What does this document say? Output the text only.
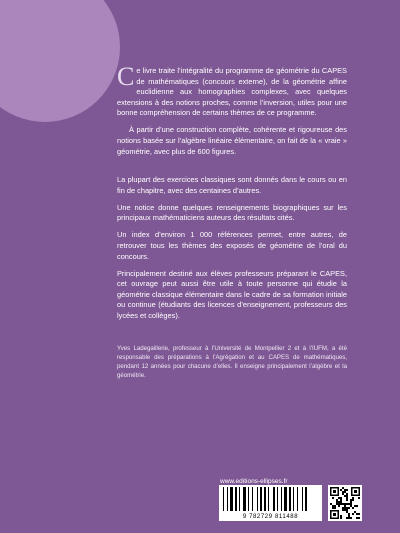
Ce livre traite l’intégralité du programme de géométrie du CAPES de mathématiques (concours externe), de la géométrie affine euclidienne aux homographies complexes, avec quelques extensions à des notions proches, comme l’inversion, utiles pour une bonne compréhension de certains thèmes de ce programme.

À partir d’une construction complète, cohérente et rigoureuse des notions basée sur l’algèbre linéaire élémentaire, on fait de la « vraie » géométrie, avec plus de 600 figures.

La plupart des exercices classiques sont donnés dans le cours ou en fin de chapitre, avec des centaines d’autres.

Une notice donne quelques renseignements biographiques sur les principaux mathématiciens auteurs des résultats cités.

Un index d’environ 1 000 références permet, entre autres, de retrouver tous les thèmes des exposés de géométrie de l’oral du concours.

Principalement destiné aux élèves professeurs préparant le CAPES, cet ouvrage peut aussi être utile à toute personne qui étudie la géométrie classique élémentaire dans le cadre de sa formation initiale ou continue (étudiants des licences d’enseignement, professeurs des lycées et collèges).

Yves Ladegaillerie, professeur à l’Université de Montpellier 2 et à l’IUFM, a été responsable des préparations à l’Agrégation et au CAPES de mathématiques, pendant 12 années pour chacune d’elles. Il enseigne principalement l’algèbre et la géométrie.
www.editions-ellipses.fr
9 782729 811488
